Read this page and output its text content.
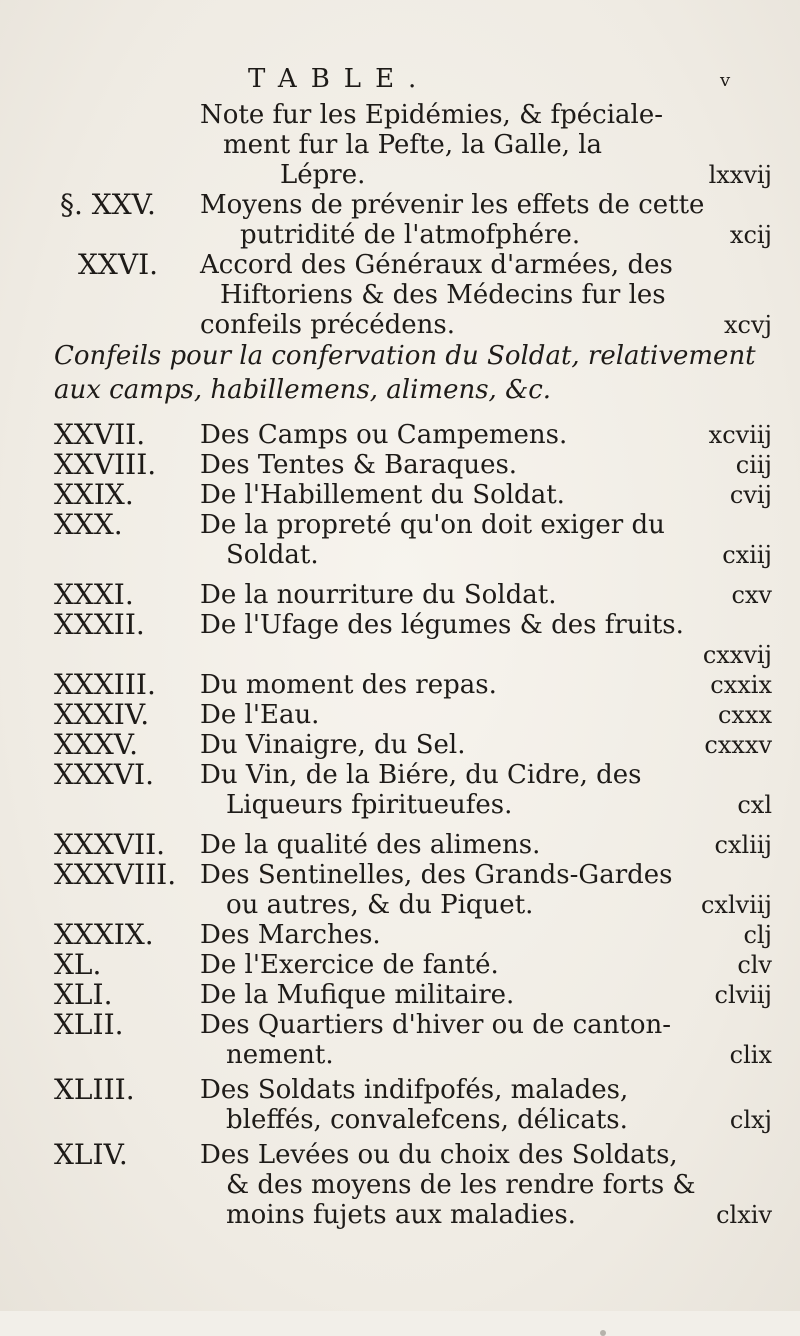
TABLE.	v
Note fur les Epidémies, & fpéciale-
ment fur la Pefte, la Galle, la
Lépre.	lxxvij
§. XXV. Moyens de prévenir les effets de cette
putridité de l'atmofphére.	xcij
XXVI. Accord des Généraux d'armées, des
Hiftoriens & des Médecins fur les
confeils précédens.	xcvj
Confeils pour la confervation du Soldat, relativement
aux camps, habillemens, alimens, &c.
XXVII. Des Camps ou Campemens.	xcviij
XXVIII. Des Tentes & Baraques.	ciij
XXIX.	De l'Habillement du Soldat.	cvij
XXX.	De la propreté qu'on doit exiger du
Soldat.	cxiij
XXXI.	De la nourriture du Soldat.	cxv
XXXII. De l'Ufage des légumes & des fruits.
cxxvij
XXXIII. Du moment des repas.	cxxix
XXXIV. De l'Eau.	cxxx
XXXV. Du Vinaigre, du Sel.	cxxxv
XXXVI. Du Vin, de la Biére, du Cidre, des
Liqueurs fpiritueufes.	cxl
XXXVII. De la qualité des alimens.	cxliij
XXXVIII. Des Sentinelles, des Grands-Gardes
ou autres, & du Piquet.	cxlviij
XXXIX. Des Marches.	clj
XL.	De l'Exercice de fanté.	clv
XLI.	De la Mufique militaire.	clviij
XLII.	Des Quartiers d'hiver ou de canton-
nement.	clix
XLIII.	Des Soldats indifpofés, malades,
bleffés, convalefcens, délicats.	clxj
XLIV.	Des Levées ou du choix des Soldats,
& des moyens de les rendre forts &
moins fujets aux maladies.	clxiv
